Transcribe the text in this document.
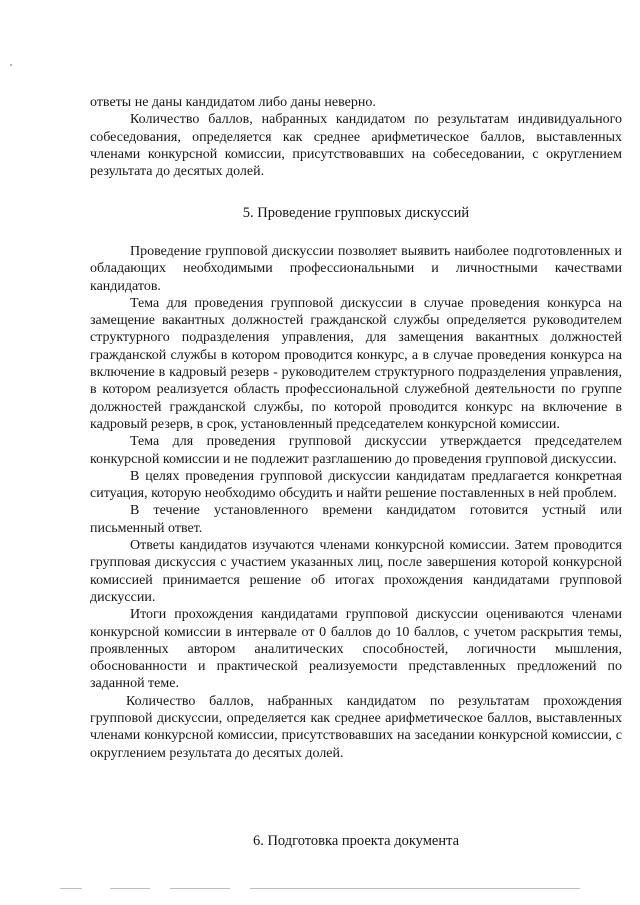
ответы не даны кандидатом либо даны неверно.

Количество баллов, набранных кандидатом по результатам индивидуального собеседования, определяется как среднее арифметическое баллов, выставленных членами конкурсной комиссии, присутствовавших на собеседовании, с округлением результата до десятых долей.

5. Проведение групповых дискуссий

Проведение групповой дискуссии позволяет выявить наиболее подготовленных и обладающих необходимыми профессиональными и личностными качествами кандидатов.

Тема для проведения групповой дискуссии в случае проведения конкурса на замещение вакантных должностей гражданской службы определяется руководителем структурного подразделения управления, для замещения вакантных должностей гражданской службы в котором проводится конкурс, а в случае проведения конкурса на включение в кадровый резерв - руководителем структурного подразделения управления, в котором реализуется область профессиональной служебной деятельности по группе должностей гражданской службы, по которой проводится конкурс на включение в кадровый резерв, в срок, установленный председателем конкурсной комиссии.

Тема для проведения групповой дискуссии утверждается председателем конкурсной комиссии и не подлежит разглашению до проведения групповой дискуссии.

В целях проведения групповой дискуссии кандидатам предлагается конкретная ситуация, которую необходимо обсудить и найти решение поставленных в ней проблем.

В течение установленного времени кандидатом готовится устный или письменный ответ.

Ответы кандидатов изучаются членами конкурсной комиссии. Затем проводится групповая дискуссия с участием указанных лиц, после завершения которой конкурсной комиссией принимается решение об итогах прохождения кандидатами групповой дискуссии.

Итоги прохождения кандидатами групповой дискуссии оцениваются членами конкурсной комиссии в интервале от 0 баллов до 10 баллов, с учетом раскрытия темы, проявленных автором аналитических способностей, логичности мышления, обоснованности и практической реализуемости представленных предложений по заданной теме.

Количество баллов, набранных кандидатом по результатам прохождения групповой дискуссии, определяется как среднее арифметическое баллов, выставленных членами конкурсной комиссии, присутствовавших на заседании конкурсной комиссии, с округлением результата до десятых долей.

6. Подготовка проекта документа
